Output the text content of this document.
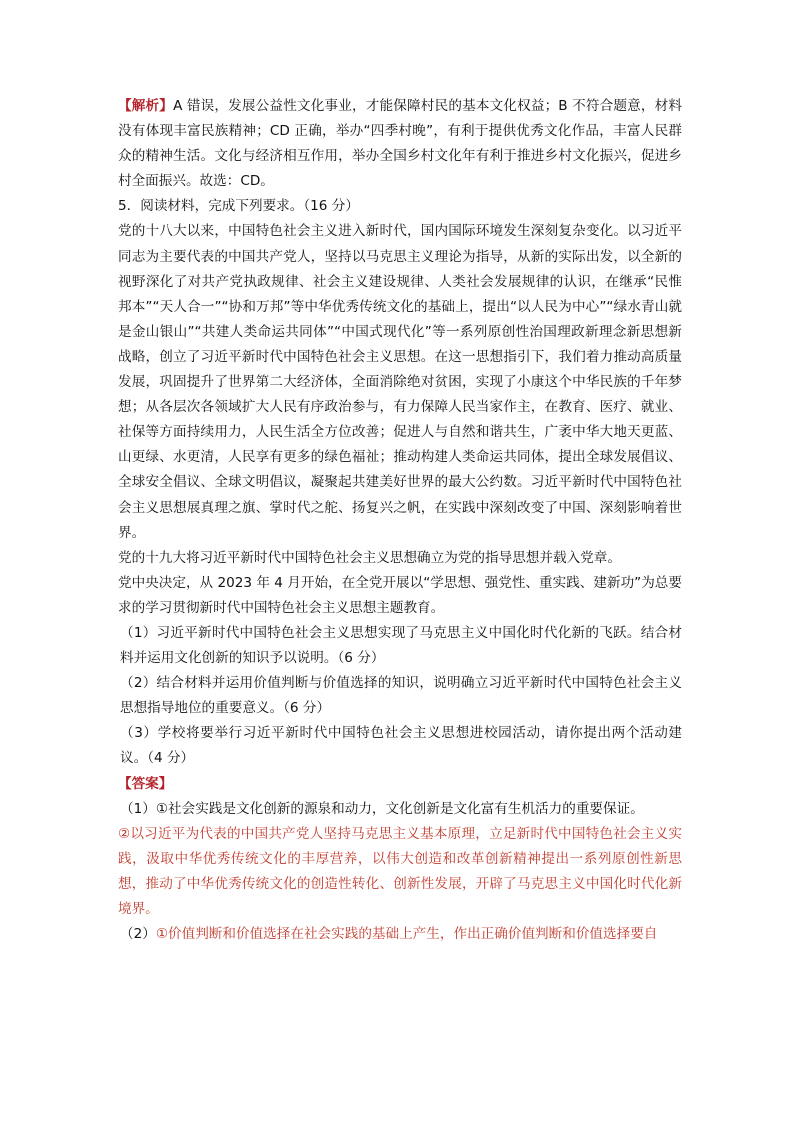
【解析】A 错误，发展公益性文化事业，才能保障村民的基本文化权益；B 不符合题意，材料没有体现丰富民族精神；CD 正确，举办“四季村晚”，有利于提供优秀文化作品，丰富人民群众的精神生活。文化与经济相互作用，举办全国乡村文化年有利于推进乡村文化振兴，促进乡村全面振兴。故选：CD。

5．阅读材料，完成下列要求。（16 分）

党的十八大以来，中国特色社会主义进入新时代，国内国际环境发生深刻复杂变化。以习近平同志为主要代表的中国共产党人，坚持以马克思主义理论为指导，从新的实际出发，以全新的视野深化了对共产党执政规律、社会主义建设规律、人类社会发展规律的认识，在继承“民惟邦本”“天人合一”“协和万邦”等中华优秀传统文化的基础上，提出“以人民为中心”“绿水青山就是金山银山”“共建人类命运共同体”“中国式现代化”等一系列原创性治国理政新理念新思想新战略，创立了习近平新时代中国特色社会主义思想。在这一思想指引下，我们着力推动高质量发展，巩固提升了世界第二大经济体，全面消除绝对贫困，实现了小康这个中华民族的千年梦想；从各层次各领域扩大人民有序政治参与，有力保障人民当家作主，在教育、医疗、就业、社保等方面持续用力，人民生活全方位改善；促进人与自然和谐共生，广袤中华大地天更蓝、山更绿、水更清，人民享有更多的绿色福祉；推动构建人类命运共同体，提出全球发展倡议、全球安全倡议、全球文明倡议，凝聚起共建美好世界的最大公约数。习近平新时代中国特色社会主义思想展真理之旗、掌时代之舵、扬复兴之帆，在实践中深刻改变了中国、深刻影响着世界。

党的十九大将习近平新时代中国特色社会主义思想确立为党的指导思想并载入党章。

党中央决定，从 2023 年 4 月开始，在全党开展以“学思想、强党性、重实践、建新功”为总要求的学习贯彻新时代中国特色社会主义思想主题教育。

（1）习近平新时代中国特色社会主义思想实现了马克思主义中国化时代化新的飞跃。结合材料并运用文化创新的知识予以说明。（6 分）

（2）结合材料并运用价值判断与价值选择的知识，说明确立习近平新时代中国特色社会主义思想指导地位的重要意义。（6 分）

（3）学校将要举行习近平新时代中国特色社会主义思想进校园活动，请你提出两个活动建议。（4 分）

【答案】

（1）①社会实践是文化创新的源泉和动力，文化创新是文化富有生机活力的重要保证。

②以习近平为代表的中国共产党人坚持马克思主义基本原理，立足新时代中国特色社会主义实践，汲取中华优秀传统文化的丰厚营养，以伟大创造和改革创新精神提出一系列原创性新思想，推动了中华优秀传统文化的创造性转化、创新性发展，开辟了马克思主义中国化时代化新境界。

（2）①价值判断和价值选择在社会实践的基础上产生，作出正确价值判断和价值选择要自
